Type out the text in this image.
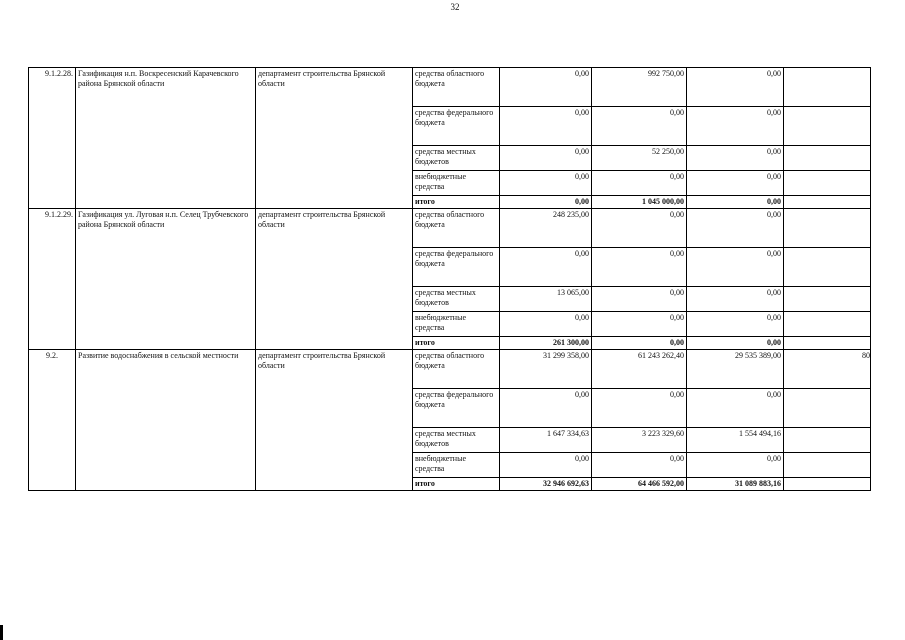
32
9.1.2.28.	Газификация н.п. Воскресенский Карачевского района Брянской области	департамент строительства Брянской области	средства областного бюджета	0,00	992 750,00	0,00	
			средства федерального бюджета	0,00	0,00	0,00	
			средства местных бюджетов	0,00	52 250,00	0,00	
			внебюджетные средства	0,00	0,00	0,00	
			итого	0,00	1 045 000,00	0,00	
9.1.2.29.	Газификация ул. Луговая н.п. Селец Трубчевского района Брянской области	департамент строительства Брянской области	средства областного бюджета	248 235,00	0,00	0,00	
			средства федерального бюджета	0,00	0,00	0,00	
			средства местных бюджетов	13 065,00	0,00	0,00	
			внебюджетные средства	0,00	0,00	0,00	
			итого	261 300,00	0,00	0,00	
9.2.	Развитие водоснабжения в сельской местности	департамент строительства Брянской области	средства областного бюджета	31 299 358,00	61 243 262,40	29 535 389,00	80
			средства федерального бюджета	0,00	0,00	0,00	
			средства местных бюджетов	1 647 334,63	3 223 329,60	1 554 494,16	
			внебюджетные средства	0,00	0,00	0,00	
			итого	32 946 692,63	64 466 592,00	31 089 883,16	
